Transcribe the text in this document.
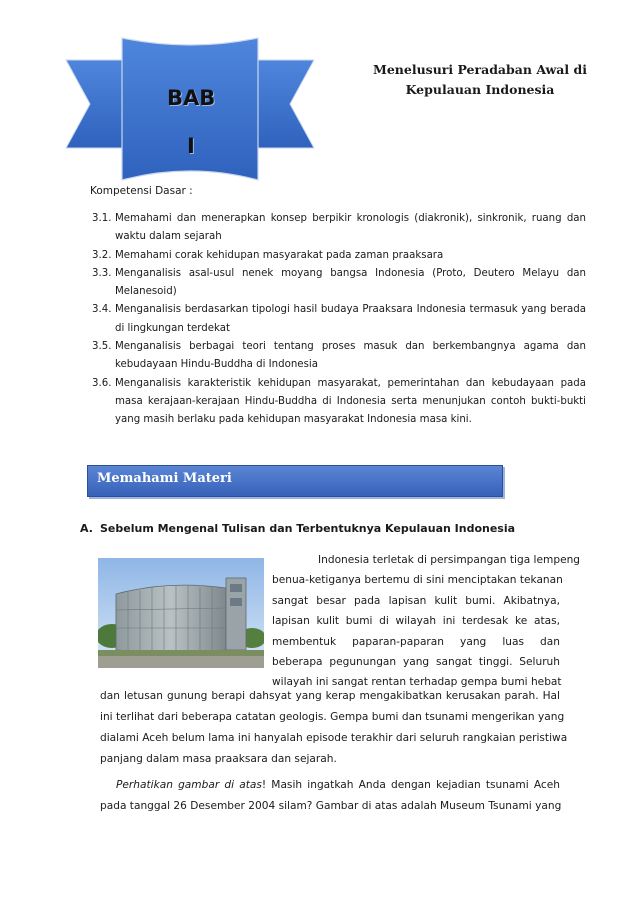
BAB
I
Menelusuri Peradaban Awal di
Kepulauan Indonesia
Kompetensi Dasar :
3.1. Memahami dan menerapkan konsep berpikir kronologis (diakronik), sinkronik, ruang dan waktu dalam sejarah
3.2. Memahami corak kehidupan masyarakat pada zaman praaksara
3.3. Menganalisis asal-usul nenek moyang bangsa Indonesia (Proto, Deutero Melayu dan Melanesoid)
3.4. Menganalisis berdasarkan tipologi hasil budaya Praaksara Indonesia termasuk yang berada di lingkungan terdekat
3.5. Menganalisis berbagai teori tentang proses masuk dan berkembangnya agama dan kebudayaan Hindu-Buddha di Indonesia
3.6. Menganalisis karakteristik kehidupan masyarakat, pemerintahan dan kebudayaan pada masa kerajaan-kerajaan Hindu-Buddha di Indonesia serta menunjukan contoh bukti-bukti yang masih berlaku pada kehidupan masyarakat Indonesia masa kini.
Memahami Materi
A. Sebelum Mengenal Tulisan dan Terbentuknya Kepulauan Indonesia
Indonesia terletak di persimpangan tiga lempeng
benua-ketiganya bertemu di sini menciptakan tekanan
sangat besar pada lapisan kulit bumi. Akibatnya,
lapisan kulit bumi di wilayah ini terdesak ke atas,
membentuk paparan-paparan yang luas dan
beberapa pegunungan yang sangat tinggi. Seluruh
wilayah ini sangat rentan terhadap gempa bumi hebat
dan letusan gunung berapi dahsyat yang kerap mengakibatkan kerusakan parah. Hal
ini terlihat dari beberapa catatan geologis. Gempa bumi dan tsunami mengerikan yang
dialami Aceh belum lama ini hanyalah episode terakhir dari seluruh rangkaian peristiwa
panjang dalam masa praaksara dan sejarah.
Perhatikan gambar di atas! Masih ingatkah Anda dengan kejadian tsunami Aceh
pada tanggal 26 Desember 2004 silam? Gambar di atas adalah Museum Tsunami yang
